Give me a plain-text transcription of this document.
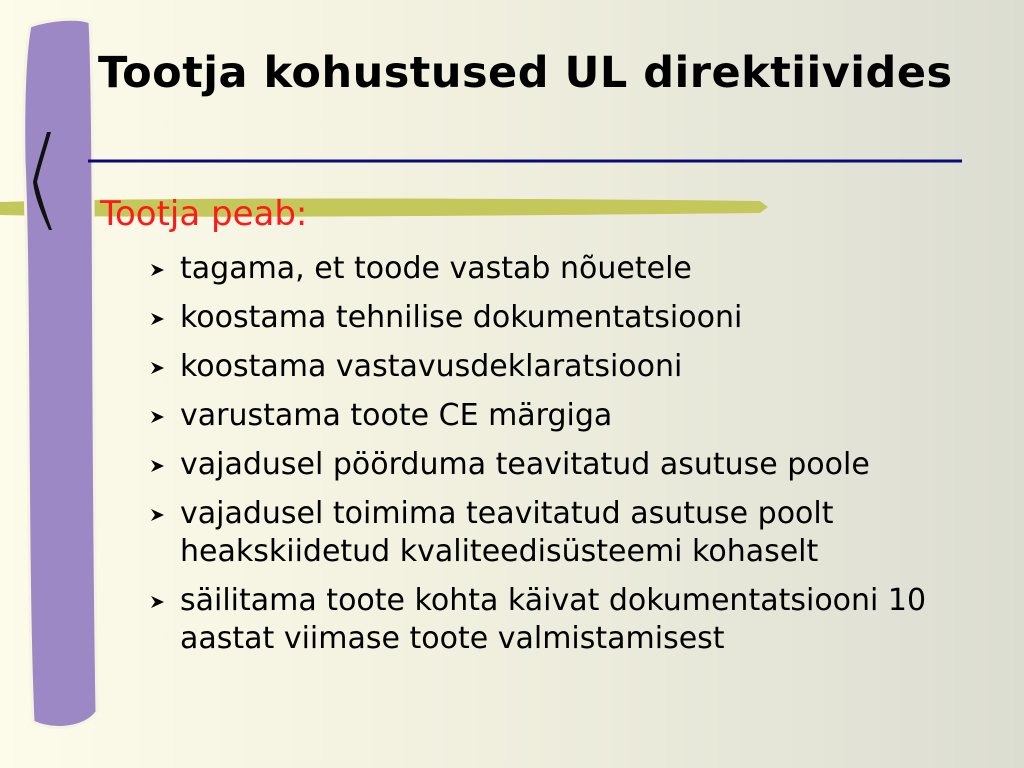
Tootja kohustused UL direktiivides
Tootja peab:
tagama, et toode vastab nõuetele
koostama tehnilise dokumentatsiooni
koostama vastavusdeklaratsiooni
varustama toote CE märgiga
vajadusel pöörduma teavitatud asutuse poole
vajadusel toimima teavitatud asutuse poolt heakskiidetud kvaliteedisüsteemi kohaselt
säilitama toote kohta käivat dokumentatsiooni 10 aastat viimase toote valmistamisest
